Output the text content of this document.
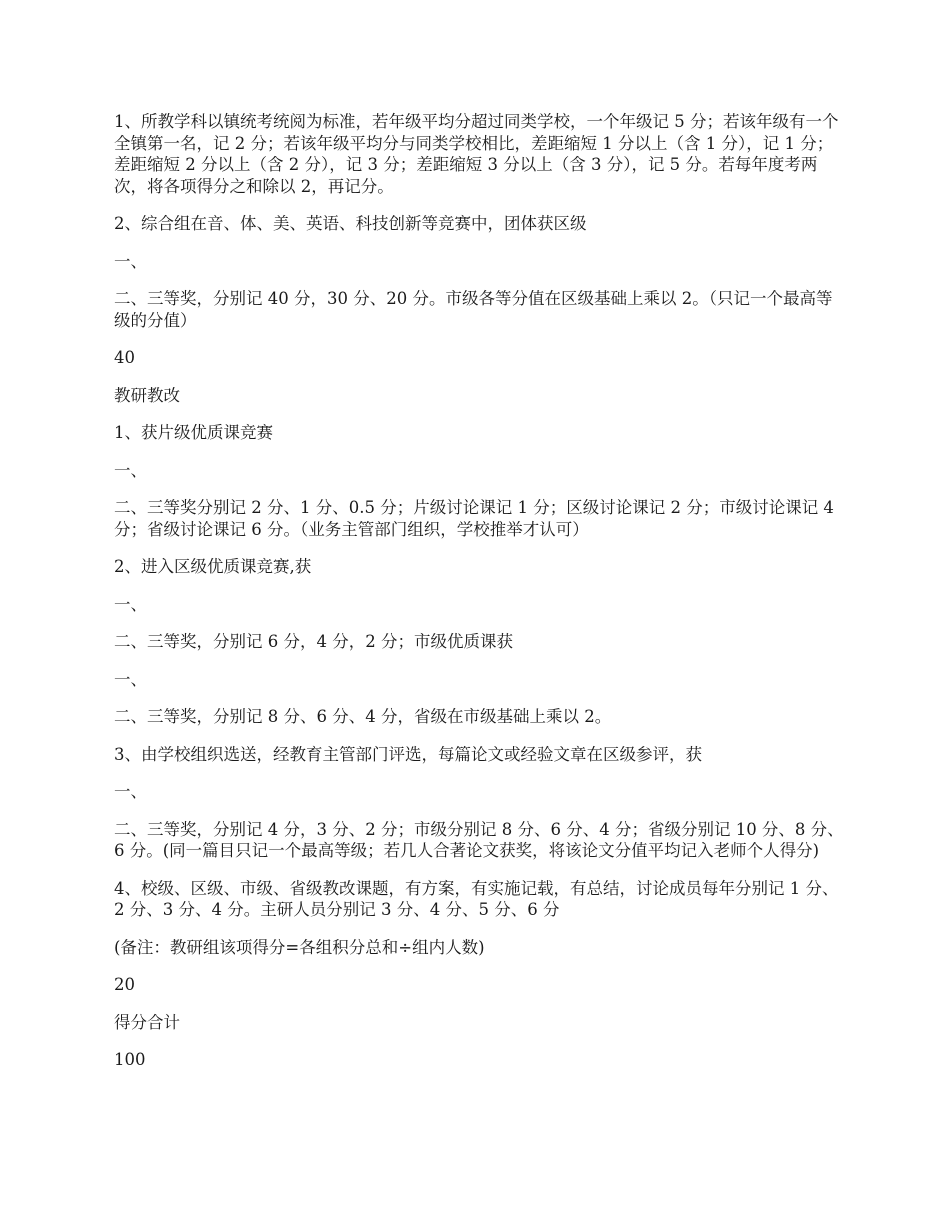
1、所教学科以镇统考统阅为标准，若年级平均分超过同类学校，一个年级记 5 分；若该年级有一个全镇第一名，记 2 分；若该年级平均分与同类学校相比，差距缩短 1 分以上（含 1 分），记 1 分；差距缩短 2 分以上（含 2 分），记 3 分；差距缩短 3 分以上（含 3 分），记 5 分。若每年度考两次，将各项得分之和除以 2，再记分。

2、综合组在音、体、美、英语、科技创新等竞赛中，团体获区级

一、

二、三等奖，分别记 40 分，30 分、20 分。市级各等分值在区级基础上乘以 2。（只记一个最高等级的分值）

40

教研教改

1、获片级优质课竞赛

一、

二、三等奖分别记 2 分、1 分、0.5 分；片级讨论课记 1 分；区级讨论课记 2 分；市级讨论课记 4 分；省级讨论课记 6 分。（业务主管部门组织，学校推举才认可）

2、进入区级优质课竞赛,获

一、

二、三等奖，分别记 6 分，4 分，2 分；市级优质课获

一、

二、三等奖，分别记 8 分、6 分、4 分，省级在市级基础上乘以 2。

3、由学校组织选送，经教育主管部门评选，每篇论文或经验文章在区级参评，获

一、

二、三等奖，分别记 4 分，3 分、2 分；市级分别记 8 分、6 分、4 分；省级分别记 10 分、8 分、6 分。(同一篇目只记一个最高等级；若几人合著论文获奖，将该论文分值平均记入老师个人得分)

4、校级、区级、市级、省级教改课题，有方案，有实施记载，有总结，讨论成员每年分别记 1 分、2 分、3 分、4 分。主研人员分别记 3 分、4 分、5 分、6 分

(备注：教研组该项得分=各组积分总和÷组内人数)

20

得分合计

100
